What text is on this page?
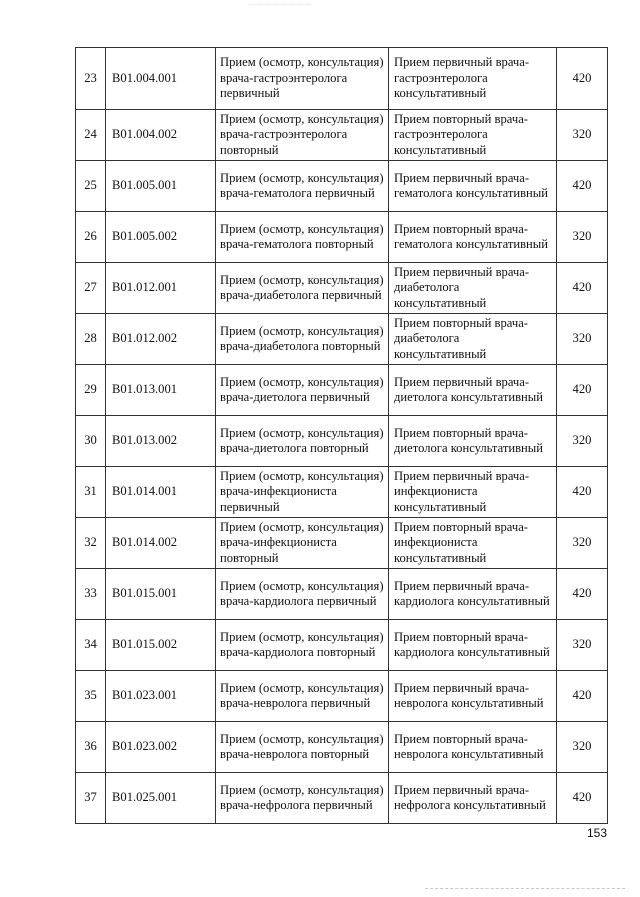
23	B01.004.001	Прием (осмотр, консультация) врача-гастроэнтеролога первичный	Прием первичный врача-гастроэнтеролога консультативный	420
24	B01.004.002	Прием (осмотр, консультация) врача-гастроэнтеролога повторный	Прием повторный врача-гастроэнтеролога консультативный	320
25	B01.005.001	Прием (осмотр, консультация) врача-гематолога первичный	Прием первичный врача-гематолога консультативный	420
26	B01.005.002	Прием (осмотр, консультация) врача-гематолога повторный	Прием повторный врача-гематолога консультативный	320
27	B01.012.001	Прием (осмотр, консультация) врача-диабетолога первичный	Прием первичный врача-диабетолога консультативный	420
28	B01.012.002	Прием (осмотр, консультация) врача-диабетолога повторный	Прием повторный врача-диабетолога консультативный	320
29	B01.013.001	Прием (осмотр, консультация) врача-диетолога первичный	Прием первичный врача-диетолога консультативный	420
30	B01.013.002	Прием (осмотр, консультация) врача-диетолога повторный	Прием повторный врача-диетолога консультативный	320
31	B01.014.001	Прием (осмотр, консультация) врача-инфекциониста первичный	Прием первичный врача-инфекциониста консультативный	420
32	B01.014.002	Прием (осмотр, консультация) врача-инфекциониста повторный	Прием повторный врача-инфекциониста консультативный	320
33	B01.015.001	Прием (осмотр, консультация) врача-кардиолога первичный	Прием первичный врача-кардиолога консультативный	420
34	B01.015.002	Прием (осмотр, консультация) врача-кардиолога повторный	Прием повторный врача-кардиолога консультативный	320
35	B01.023.001	Прием (осмотр, консультация) врача-невролога первичный	Прием первичный врача-невролога консультативный	420
36	B01.023.002	Прием (осмотр, консультация) врача-невролога повторный	Прием повторный врача-невролога консультативный	320
37	B01.025.001	Прием (осмотр, консультация) врача-нефролога первичный	Прием первичный врача-нефролога консультативный	420
153
